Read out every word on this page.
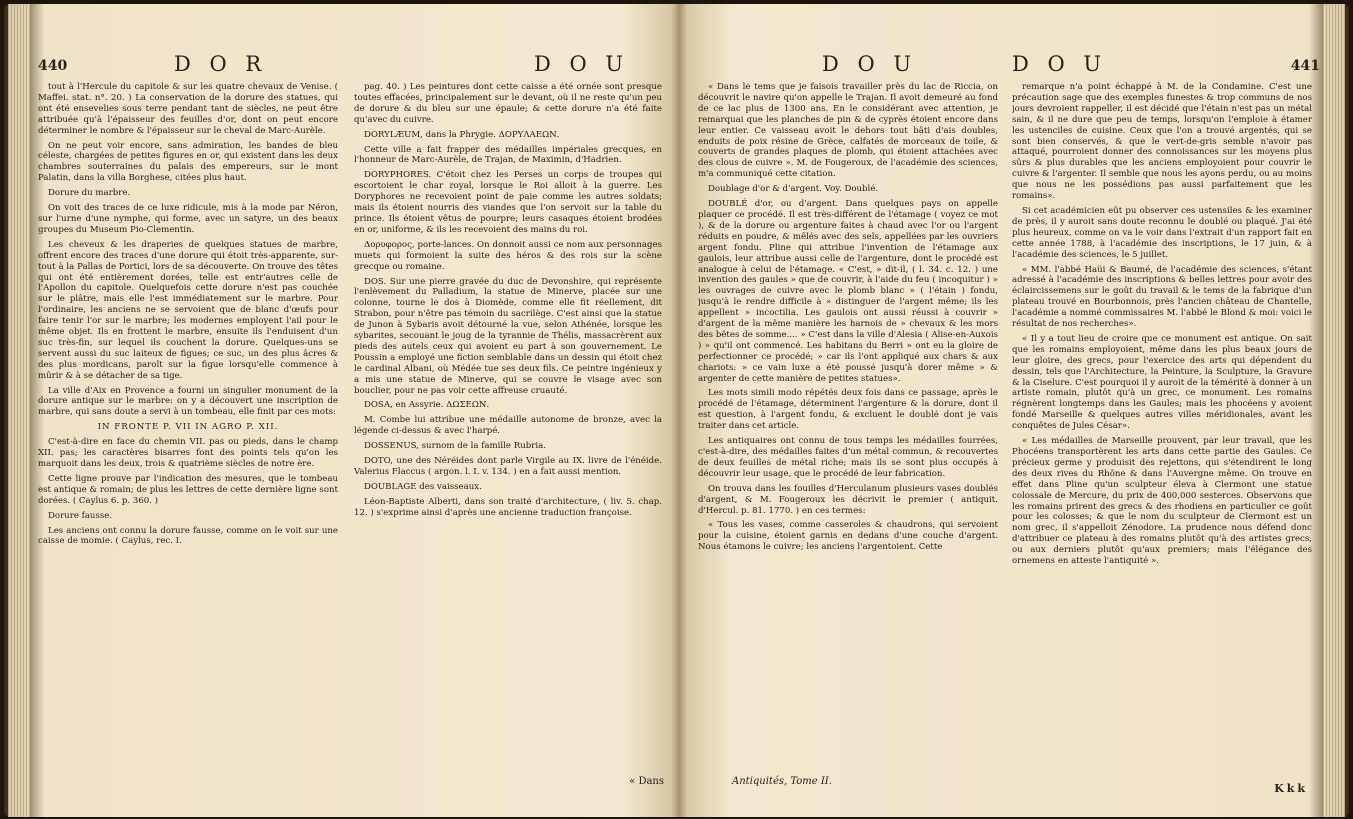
440	D O R	D O U

tout à l'Hercule du capitole & sur les quatre chevaux de Venise. ( Maffei. stat. n°. 20. ) La conservation de la dorure des statues, qui ont été ensevelies sous terre pendant tant de siècles, ne peut être attribuée qu'à l'épaisseur des feuilles d'or, dont on peut encore déterminer le nombre & l'épaisseur sur le cheval de Marc-Aurèle.

On ne peut voir encore, sans admiration, les bandes de bleu céleste, chargées de petites figures en or, qui existent dans les deux chambres souterraines du palais des empereurs, sur le mont Palatin, dans la villa Borghese, citées plus haut.

Dorure du marbre.

On voit des traces de ce luxe ridicule, mis à la mode par Néron, sur l'urne d'une nymphe, qui forme, avec un satyre, un des beaux groupes du Museum Pio-Clementin.

Les cheveux & les draperies de quelques statues de marbre, offrent encore des traces d'une dorure qui étoit très-apparente, sur-tout à la Pallas de Portici, lors de sa découverte. On trouve des têtes qui ont été entièrement dorées, telle est entr'autres celle de l'Apollon du capitole. Quelquefois cette dorure n'est pas couchée sur le plâtre, mais elle l'est immédiatement sur le marbre. Pour l'ordinaire, les anciens ne se servoient que de blanc d'œufs pour faire tenir l'or sur le marbre; les modernes employent l'ail pour le même objet. Ils en frottent le marbre, ensuite ils l'enduisent d'un suc très-fin, sur lequel ils couchent la dorure. Quelques-uns se servent aussi du suc laiteux de figues; ce suc, un des plus âcres & des plus mordicans, paroît sur la figue lorsqu'elle commence à mûrir & à se détacher de sa tige.

La ville d'Aix en Provence a fourni un singulier monument de la dorure antique sur le marbre: on y a découvert une inscription de marbre, qui sans doute a servi à un tombeau, elle finit par ces mots:

IN FRONTE P. VII IN AGRO P. XII.

C'est-à-dire en face du chemin VII. pas ou pieds, dans le champ XII. pas; les caractères bisarres font des points tels qu'on les marquoit dans les deux, trois & quatrième siècles de notre ère.

Cette ligne prouve par l'indication des mesures, que le tombeau est antique & romain; de plus les lettres de cette dernière ligne sont dorées. ( Caylus 6. p. 360. )

Dorure fausse.

Les anciens ont connu la dorure fausse, comme on le voit sur une caisse de momie. ( Caylus, rec. I.

pag. 40. ) Les peintures dont cette caisse a été ornée sont presque toutes effacées, principalement sur le devant, où il ne reste qu'un peu de dorure & du bleu sur une épaule; & cette dorure n'a été faite qu'avec du cuivre.

DORYLÆUM, dans la Phrygie. ΔΟΡΥΛΑΕΩΝ.

Cette ville a fait frapper des médailles impériales grecques, en l'honneur de Marc-Aurèle, de Trajan, de Maximin, d'Hadrien.

DORYPHORES. C'étoit chez les Perses un corps de troupes qui escortoient le char royal, lorsque le Roi alloit à la guerre. Les Doryphores ne recevoient point de paie comme les autres soldats; mais ils étoient nourris des viandes que l'on servoit sur la table du prince. Ils étoient vêtus de pourpre; leurs casaques étoient brodées en or, uniforme, & ils les recevoient des mains du roi.

Δορυφορος, porte-lances. On donnoit aussi ce nom aux personnages muets qui formoient la suite des héros & des rois sur la scène grecque ou romaine.

DOS. Sur une pierre gravée du duc de Devonshire, qui représente l'enlèvement du Palladium, la statue de Minerve, placée sur une colonne, tourne le dos à Diomède, comme elle fit réellement, dit Strabon, pour n'être pas témoin du sacrilège. C'est ainsi que la statue de Junon à Sybaris avoit détourné la vue, selon Athénée, lorsque les sybarites, secouant le joug de la tyrannie de Thélis, massacrèrent aux pieds des autels ceux qui avoient eu part à son gouvernement. Le Poussin a employé une fiction semblable dans un dessin qui étoit chez le cardinal Albani, où Médée tue ses deux fils. Ce peintre ingénieux y a mis une statue de Minerve, qui se couvre le visage avec son bouclier, pour ne pas voir cette affreuse cruauté.

DOSA, en Assyrie. ΔΩΣΕΩΝ.

M. Combe lui attribue une médaille autonome de bronze, avec la légende ci-dessus & avec l'harpé.

DOSSENUS, surnom de la famille Rubria.

DOTO, une des Néréides dont parle Virgile au IX. livre de l'énéide. Valerius Flaccus ( argon. l. I. v. 134. ) en a fait aussi mention.

DOUBLAGE des vaisseaux.

Léon-Baptiste Alberti, dans son traité d'architecture, ( liv. 5. chap. 12. ) s'exprime ainsi d'après une ancienne traduction françoise.

« Dans
D O U	D O U	441

« Dans le tems que je faisois travailler près du lac de Riccia, on découvrit le navire qu'on appelle le Trajan. Il avoit demeuré au fond de ce lac plus de 1300 ans. En le considérant avec attention, je remarquai que les planches de pin & de cyprès étoient encore dans leur entier. Ce vaisseau avoit le dehors tout bâti d'ais doubles, enduits de poix résine de Grèce, calfatés de morceaux de toile, & couverts de grandes plaques de plomb, qui étoient attachées avec des clous de cuivre ». M. de Fougeroux, de l'académie des sciences, m'a communiqué cette citation.

Doublage d'or & d'argent. Voy. Doublé.

DOUBLÉ d'or, ou d'argent. Dans quelques pays on appelle plaquer ce procédé. Il est très-différent de l'étamage ( voyez ce mot ), & de la dorure ou argenture faites à chaud avec l'or ou l'argent réduits en poudre, & mêlés avec des sels, appellées par les ouvriers argent fondu. Pline qui attribue l'invention de l'étamage aux gaulois, leur attribue aussi celle de l'argenture, dont le procédé est analogue à celui de l'étamage. « C'est, » dit-il, ( l. 34. c. 12. ) une invention des gaules » que de couvrir, à l'aide du feu ( incoquitur ) » les ouvrages de cuivre avec le plomb blanc » ( l'étain ) fondu, jusqu'à le rendre difficile à » distinguer de l'argent même; ils les appellent » incoctilia. Les gaulois ont aussi réussi à couvrir » d'argent de la même manière les harnois de » chevaux & les mors des bêtes de somme.... » C'est dans la ville d'Alesia ( Alise-en-Auxois ) » qu'il ont commencé. Les habitans du Berri » ont eu la gloire de perfectionner ce procédé; » car ils l'ont appliqué aux chars & aux chariots: » ce vain luxe a été poussé jusqu'à dorer même » & argenter de cette manière de petites statues».

Les mots simili modo répétés deux fois dans ce passage, après le procédé de l'étamage, déterminent l'argenture & la dorure, dont il est question, à l'argent fondu, & excluent le doublé dont je vais traiter dans cet article.

Les antiquaires ont connu de tous temps les médailles fourrées, c'est-à-dire, des médailles faites d'un métal commun, & recouvertes de deux feuilles de métal riche; mais ils se sont plus occupés à découvrir leur usage, que le procédé de leur fabrication.

On trouva dans les fouilles d'Herculanum plusieurs vases doublés d'argent, & M. Fougeroux les décrivit le premier ( antiquit. d'Hercul. p. 81. 1770. ) en ces termes:

« Tous les vases, comme casseroles & chaudrons, qui servoient pour la cuisine, étoient garnis en dedans d'une couche d'argent. Nous étamons le cuivre; les anciens l'argentoient. Cette

Antiquités, Tome II.

remarque n'a point échappé à M. de la Condamine. C'est une précaution sage que des exemples funestes & trop communs de nos jours devroient rappeller, il est décidé que l'étain n'est pas un métal sain, & il ne dure que peu de temps, lorsqu'on l'emploie à étamer les ustenciles de cuisine. Ceux que l'on a trouvé argentés, qui se sont bien conservés, & que le vert-de-gris semble n'avoir pas attaqué, pourroient donner des connoissances sur les moyens plus sûrs & plus durables que les anciens employoient pour couvrir le cuivre & l'argenter. Il semble que nous les ayons perdu, ou au moins que nous ne les possédions pas aussi parfaitement que les romains».

Si cet académicien eût pu observer ces ustensiles & les examiner de près, il y auroit sans doute reconnu le doublé ou plaqué. J'ai été plus heureux, comme on va le voir dans l'extrait d'un rapport fait en cette année 1788, à l'académie des inscriptions, le 17 juin, & à l'académie des sciences, le 5 juillet.

« MM. l'abbé Haüi & Baumé, de l'académie des sciences, s'étant adressé à l'académie des inscriptions & belles lettres pour avoir des éclaircissemens sur le goût du travail & le tems de la fabrique d'un plateau trouvé en Bourbonnois, près l'ancien château de Chantelle, l'académie a nommé commissaires M. l'abbé le Blond & moi: voici le résultat de nos recherches».

« Il y a tout lieu de croire que ce monument est antique. On sait que les romains employoient, même dans les plus beaux jours de leur gloire, des grecs, pour l'exercice des arts qui dépendent du dessin, tels que l'Architecture, la Peinture, la Sculpture, la Gravure & la Ciselure. C'est pourquoi il y auroit de la témérité à donner à un artiste romain, plutôt qu'à un grec, ce monument. Les romains régnèrent longtemps dans les Gaules; mais les phocéens y avoient fondé Marseille & quelques autres villes méridionales, avant les conquêtes de Jules César».

« Les médailles de Marseille prouvent, par leur travail, que les Phocéens transportèrent les arts dans cette partie des Gaules. Ce précieux germe y produisit des rejettons, qui s'étendirent le long des deux rives du Rhône & dans l'Auvergne même. On trouve en effet dans Pline qu'un sculpteur éleva à Clermont une statue colossale de Mercure, du prix de 400,000 sesterces. Observons que les romains prirent des grecs & des rhodiens en particulier ce goût pour les colosses; & que le nom du sculpteur de Clermont est un nom grec, il s'appelloit Zénodore. La prudence nous défend donc d'attribuer ce plateau à des romains plutôt qu'à des artistes grecs, ou aux derniers plutôt qu'aux premiers; mais l'élégance des ornemens en atteste l'antiquité ».

Kkk
